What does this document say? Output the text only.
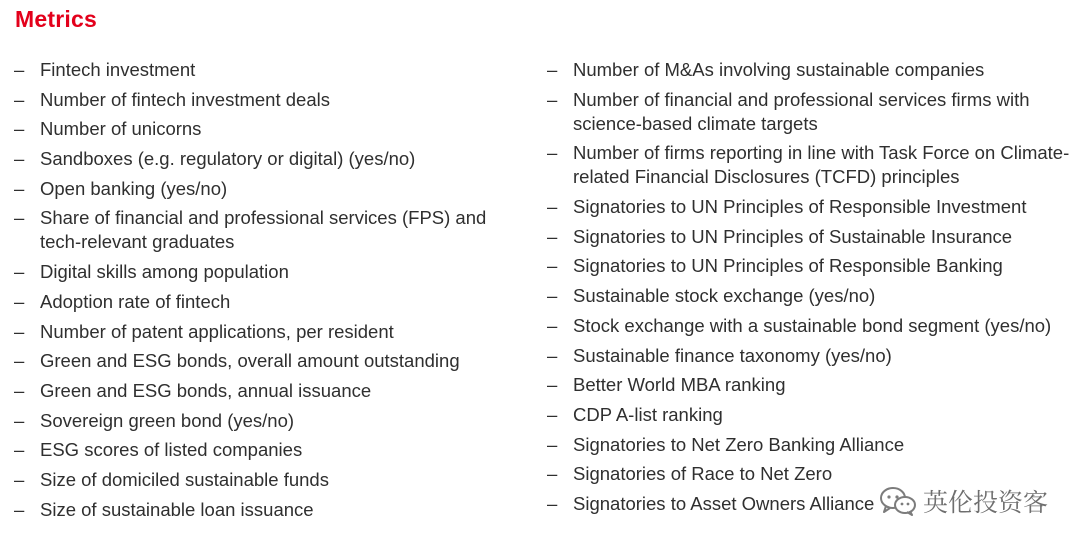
Metrics
– Fintech investment
– Number of fintech investment deals
– Number of unicorns
– Sandboxes (e.g. regulatory or digital) (yes/no)
– Open banking (yes/no)
– Share of financial and professional services (FPS) and tech-relevant graduates
– Digital skills among population
– Adoption rate of fintech
– Number of patent applications, per resident
– Green and ESG bonds, overall amount outstanding
– Green and ESG bonds, annual issuance
– Sovereign green bond (yes/no)
– ESG scores of listed companies
– Size of domiciled sustainable funds
– Size of sustainable loan issuance
– Number of M&As involving sustainable companies
– Number of financial and professional services firms with science-based climate targets
– Number of firms reporting in line with Task Force on Climate-related Financial Disclosures (TCFD) principles
– Signatories to UN Principles of Responsible Investment
– Signatories to UN Principles of Sustainable Insurance
– Signatories to UN Principles of Responsible Banking
– Sustainable stock exchange (yes/no)
– Stock exchange with a sustainable bond segment (yes/no)
– Sustainable finance taxonomy (yes/no)
– Better World MBA ranking
– CDP A-list ranking
– Signatories to Net Zero Banking Alliance
– Signatories of Race to Net Zero
– Signatories to Asset Owners Alliance	英伦投资客
